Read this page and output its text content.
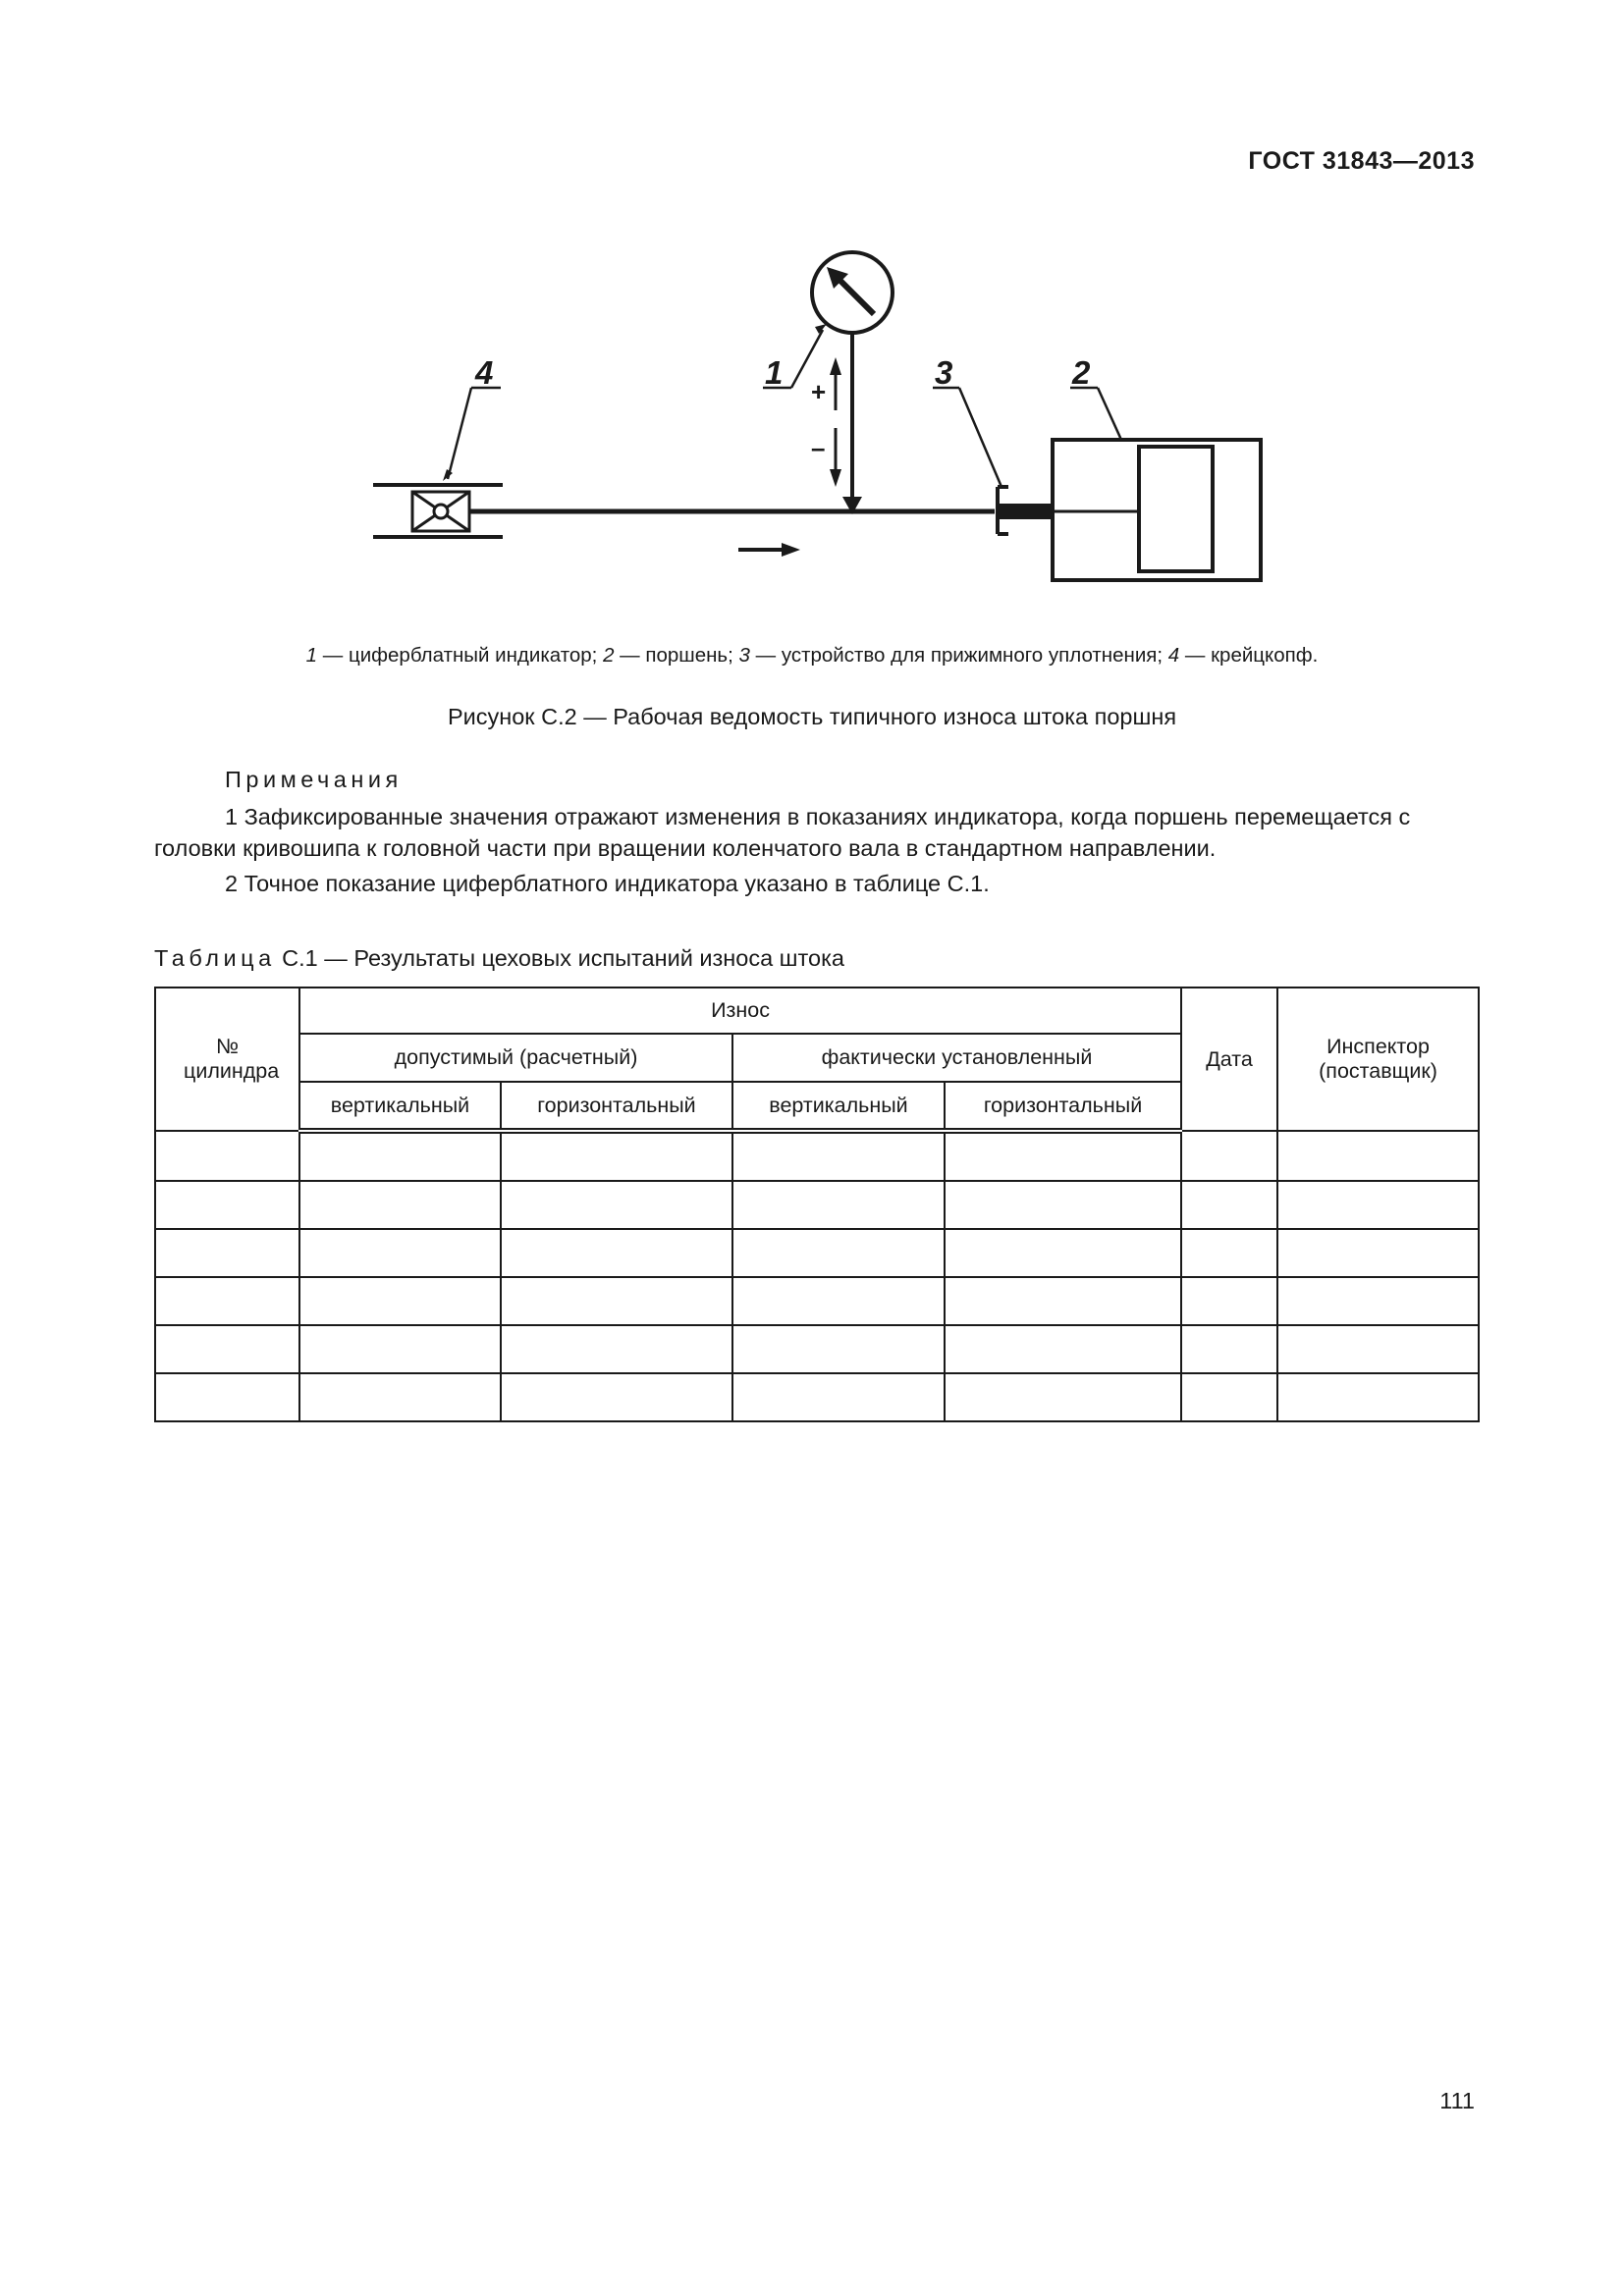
ГОСТ 31843—2013
+
–
4	1	3	2
1 — циферблатный индикатор; 2 — поршень; 3 — устройство для прижимного уплотнения; 4 — крейцкопф.
Рисунок С.2 — Рабочая ведомость типичного износа штока поршня
Примечания
1 Зафиксированные значения отражают изменения в показаниях индикатора, когда поршень перемещается с головки кривошипа к головной части при вращении коленчатого вала в стандартном направлении.
2 Точное показание циферблатного индикатора указано в таблице С.1.
Таблица С.1 — Результаты цеховых испытаний износа штока
№ цилиндра	Износ				Дата	Инспектор (поставщик)
	допустимый (расчетный)		фактически установленный			
	вертикальный	горизонтальный	вертикальный	горизонтальный		

111
